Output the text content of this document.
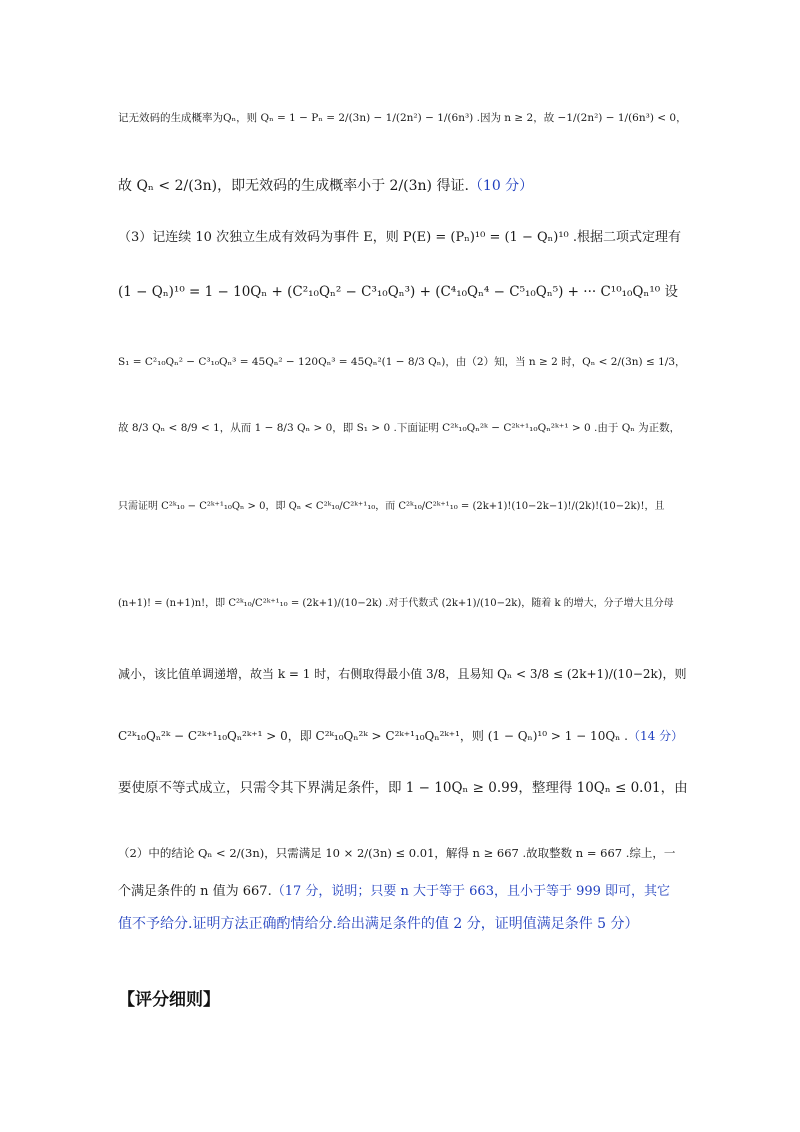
记无效码的生成概率为Qₙ，则 Qₙ = 1 − Pₙ = 2/(3n) − 1/(2n²) − 1/(6n³) .因为 n ≥ 2，故 −1/(2n²) − 1/(6n³) < 0，
故 Qₙ < 2/(3n)，即无效码的生成概率小于 2/(3n) 得证.（10 分）
（3）记连续 10 次独立生成有效码为事件 E，则 P(E) = (Pₙ)¹⁰ = (1 − Qₙ)¹⁰ .根据二项式定理有
(1 − Qₙ)¹⁰ = 1 − 10Qₙ + (C²₁₀Qₙ² − C³₁₀Qₙ³) + (C⁴₁₀Qₙ⁴ − C⁵₁₀Qₙ⁵) + ··· C¹⁰₁₀Qₙ¹⁰ 设
S₁ = C²₁₀Qₙ² − C³₁₀Qₙ³ = 45Qₙ² − 120Qₙ³ = 45Qₙ²(1 − 8/3 Qₙ)，由（2）知，当 n ≥ 2 时，Qₙ < 2/(3n) ≤ 1/3，
故 8/3 Qₙ < 8/9 < 1，从而 1 − 8/3 Qₙ > 0，即 S₁ > 0 .下面证明 C²ᵏ₁₀Qₙ²ᵏ − C²ᵏ⁺¹₁₀Qₙ²ᵏ⁺¹ > 0 .由于 Qₙ 为正数，
只需证明 C²ᵏ₁₀ − C²ᵏ⁺¹₁₀Qₙ > 0，即 Qₙ < C²ᵏ₁₀/C²ᵏ⁺¹₁₀，而 C²ᵏ₁₀/C²ᵏ⁺¹₁₀ = (2k+1)!(10−2k−1)!/(2k)!(10−2k)!，且
(n+1)! = (n+1)n!，即 C²ᵏ₁₀/C²ᵏ⁺¹₁₀ = (2k+1)/(10−2k) .对于代数式 (2k+1)/(10−2k)，随着 k 的增大，分子增大且分母
减小，该比值单调递增，故当 k = 1 时，右侧取得最小值 3/8，且易知 Qₙ < 3/8 ≤ (2k+1)/(10−2k)，则
C²ᵏ₁₀Qₙ²ᵏ − C²ᵏ⁺¹₁₀Qₙ²ᵏ⁺¹ > 0，即 C²ᵏ₁₀Qₙ²ᵏ > C²ᵏ⁺¹₁₀Qₙ²ᵏ⁺¹，则 (1 − Qₙ)¹⁰ > 1 − 10Qₙ .（14 分）
要使原不等式成立，只需令其下界满足条件，即 1 − 10Qₙ ≥ 0.99，整理得 10Qₙ ≤ 0.01，由
（2）中的结论 Qₙ < 2/(3n)，只需满足 10 × 2/(3n) ≤ 0.01，解得 n ≥ 667 .故取整数 n = 667 .综上，一
个满足条件的 n 值为 667.（17 分，说明；只要 n 大于等于 663，且小于等于 999 即可，其它
值不予给分.证明方法正确酌情给分.给出满足条件的值 2 分，证明值满足条件 5 分）
【评分细则】
